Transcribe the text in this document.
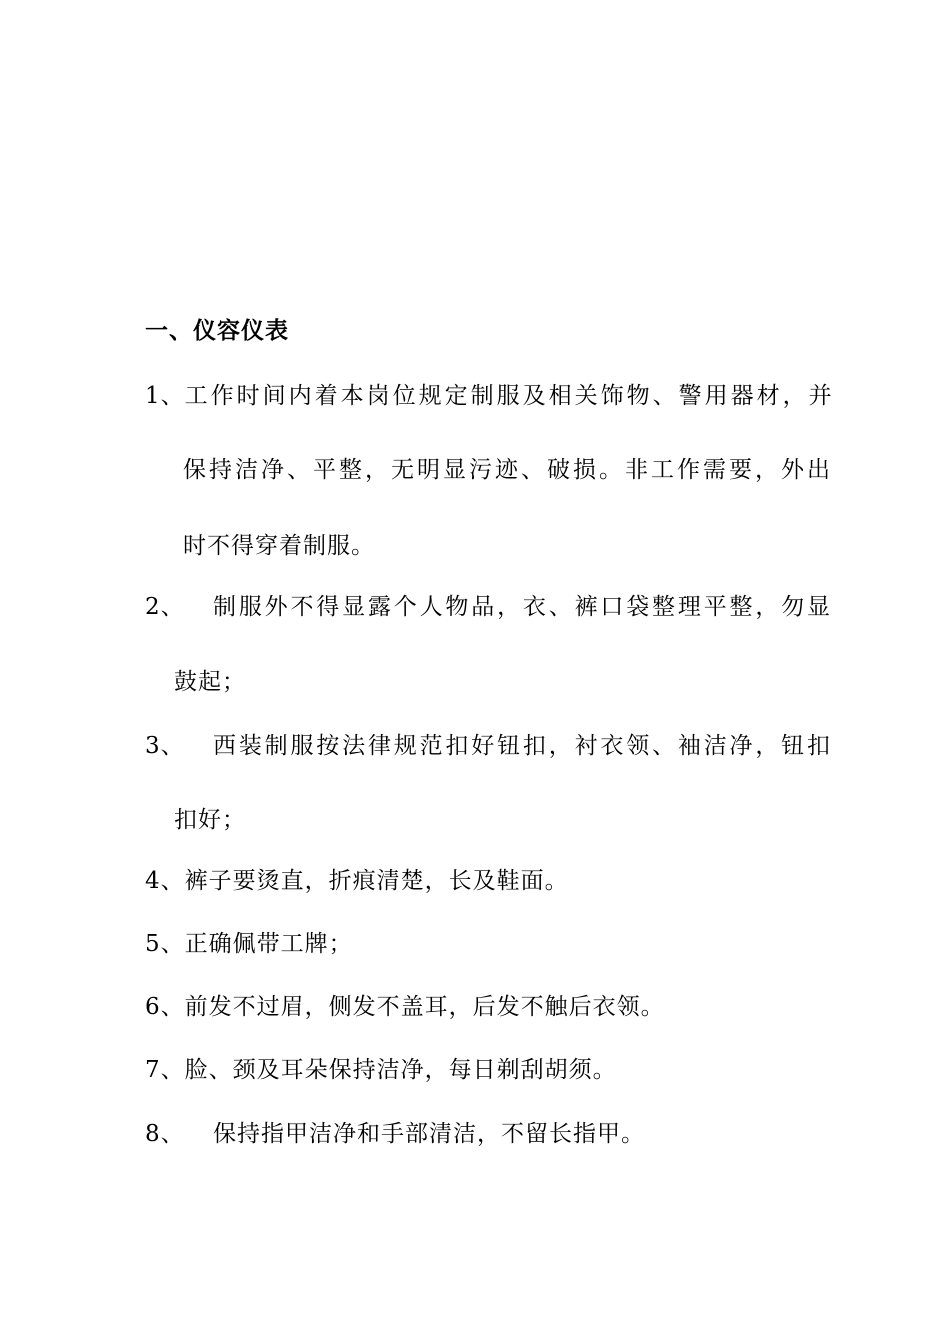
一、仪容仪表
1、工作时间内着本岗位规定制服及相关饰物、警用器材，并
保持洁净、平整，无明显污迹、破损。非工作需要，外出
时不得穿着制服。
2、 制服外不得显露个人物品，衣、裤口袋整理平整，勿显
鼓起；
3、 西装制服按法律规范扣好钮扣，衬衣领、袖洁净，钮扣
扣好；
4、裤子要烫直，折痕清楚，长及鞋面。
5、正确佩带工牌；
6、前发不过眉，侧发不盖耳，后发不触后衣领。
7、脸、颈及耳朵保持洁净，每日剃刮胡须。
8、 保持指甲洁净和手部清洁，不留长指甲。
